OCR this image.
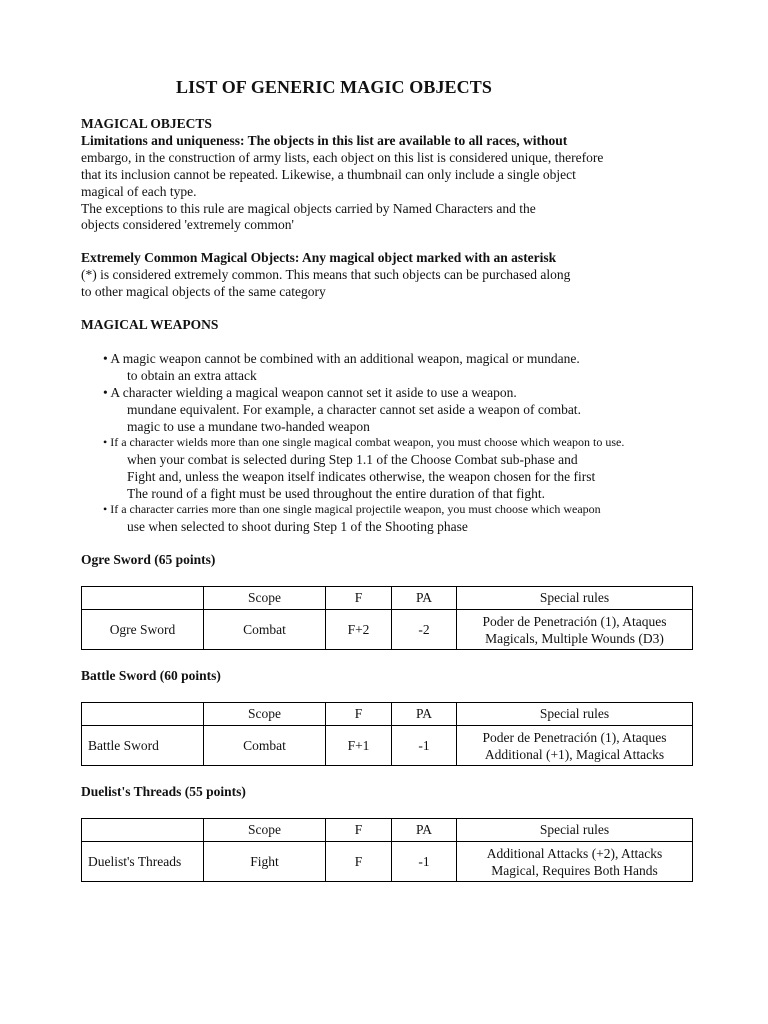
LIST OF GENERIC MAGIC OBJECTS
MAGICAL OBJECTS
Limitations and uniqueness: The objects in this list are available to all races, without
embargo, in the construction of army lists, each object on this list is considered unique, therefore
that its inclusion cannot be repeated. Likewise, a thumbnail can only include a single object
magical of each type.
The exceptions to this rule are magical objects carried by Named Characters and the
objects considered 'extremely common'
Extremely Common Magical Objects: Any magical object marked with an asterisk
(*) is considered extremely common. This means that such objects can be purchased along
to other magical objects of the same category
MAGICAL WEAPONS
• A magic weapon cannot be combined with an additional weapon, magical or mundane.
to obtain an extra attack
• A character wielding a magical weapon cannot set it aside to use a weapon.
mundane equivalent. For example, a character cannot set aside a weapon of combat.
magic to use a mundane two-handed weapon
• If a character wields more than one single magical combat weapon, you must choose which weapon to use.
when your combat is selected during Step 1.1 of the Choose Combat sub-phase and
Fight and, unless the weapon itself indicates otherwise, the weapon chosen for the first
The round of a fight must be used throughout the entire duration of that fight.
• If a character carries more than one single magical projectile weapon, you must choose which weapon
use when selected to shoot during Step 1 of the Shooting phase
Ogre Sword (65 points)
	Scope	F	PA	Special rules
Ogre Sword	Combat	F+2	-2	Poder de Penetración (1), Ataques
Magicals, Multiple Wounds (D3)
Battle Sword (60 points)
	Scope	F	PA	Special rules
Battle Sword	Combat	F+1	-1	Poder de Penetración (1), Ataques
Additional (+1), Magical Attacks
Duelist's Threads (55 points)
	Scope	F	PA	Special rules
Duelist's Threads	Fight	F	-1	Additional Attacks (+2), Attacks
Magical, Requires Both Hands
